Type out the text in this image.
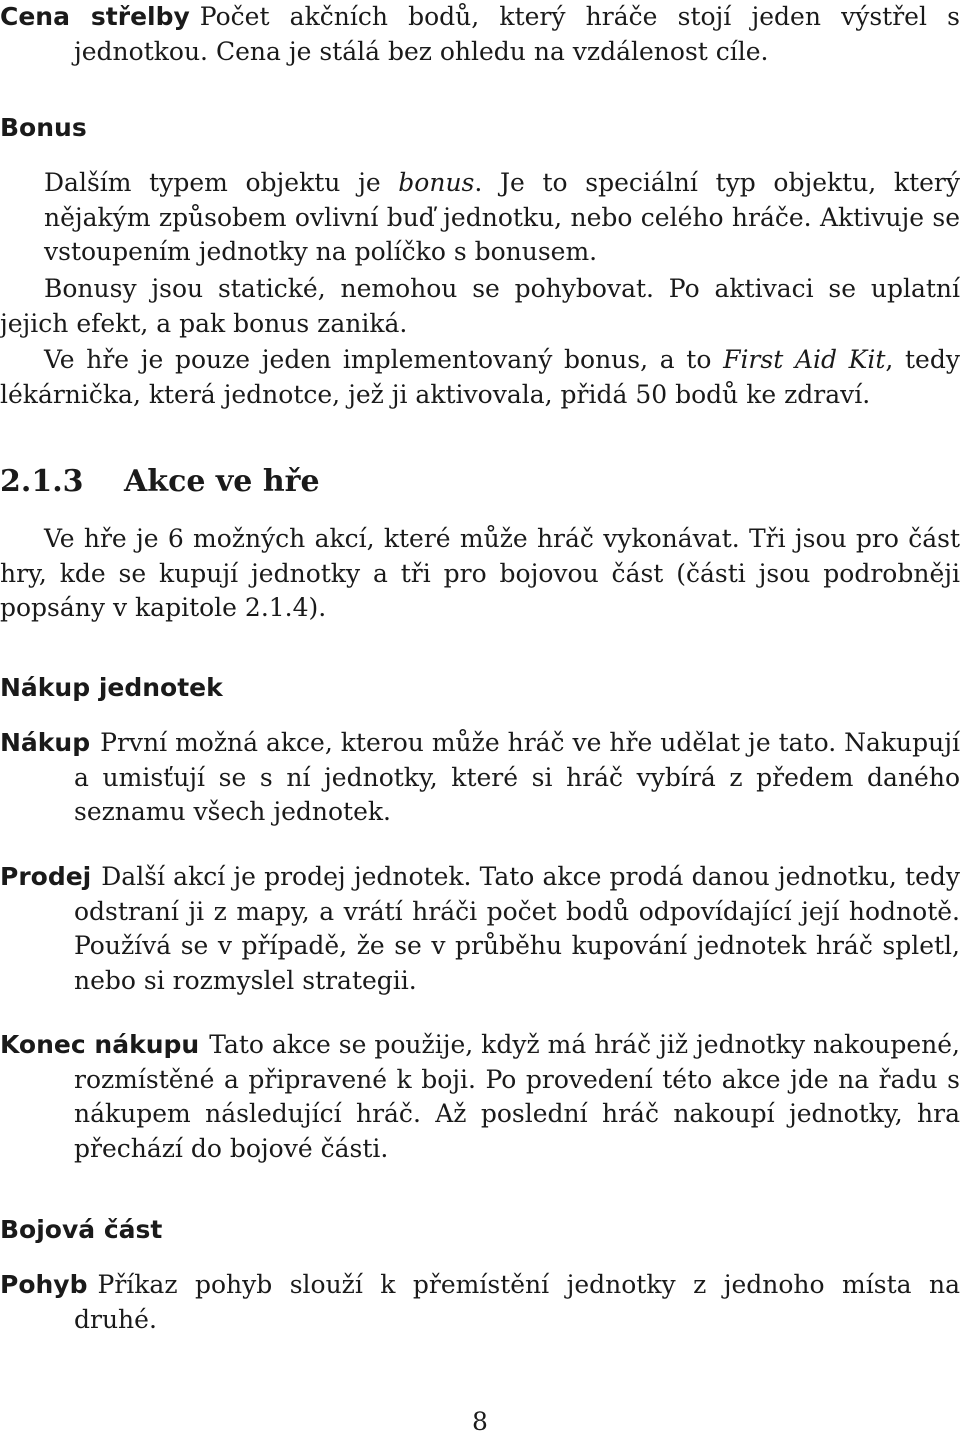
Cena střelby Počet akčních bodů, který hráče stojí jeden výstřel s jednotkou. Cena je stálá bez ohledu na vzdálenost cíle.
Bonus
Dalším typem objektu je bonus. Je to speciální typ objektu, který nějakým způsobem ovlivní buď jednotku, nebo celého hráče. Aktivuje se vstoupením jednotky na políčko s bonusem.
Bonusy jsou statické, nemohou se pohybovat. Po aktivaci se uplatní jejich efekt, a pak bonus zaniká.
Ve hře je pouze jeden implementovaný bonus, a to First Aid Kit, tedy lékárnička, která jednotce, jež ji aktivovala, přidá 50 bodů ke zdraví.
2.1.3 Akce ve hře
Ve hře je 6 možných akcí, které může hráč vykonávat. Tři jsou pro část hry, kde se kupují jednotky a tři pro bojovou část (části jsou podrobněji popsány v kapitole 2.1.4).
Nákup jednotek
Nákup První možná akce, kterou může hráč ve hře udělat je tato. Nakupují a umisťují se s ní jednotky, které si hráč vybírá z předem daného seznamu všech jednotek.
Prodej Další akcí je prodej jednotek. Tato akce prodá danou jednotku, tedy odstraní ji z mapy, a vrátí hráči počet bodů odpovídající její hodnotě. Používá se v případě, že se v průběhu kupování jednotek hráč spletl, nebo si rozmyslel strategii.
Konec nákupu Tato akce se použije, když má hráč již jednotky nakoupené, rozmístěné a připravené k boji. Po provedení této akce jde na řadu s nákupem následující hráč. Až poslední hráč nakoupí jednotky, hra přechází do bojové části.
Bojová část
Pohyb Příkaz pohyb slouží k přemístění jednotky z jednoho místa na druhé.
8
